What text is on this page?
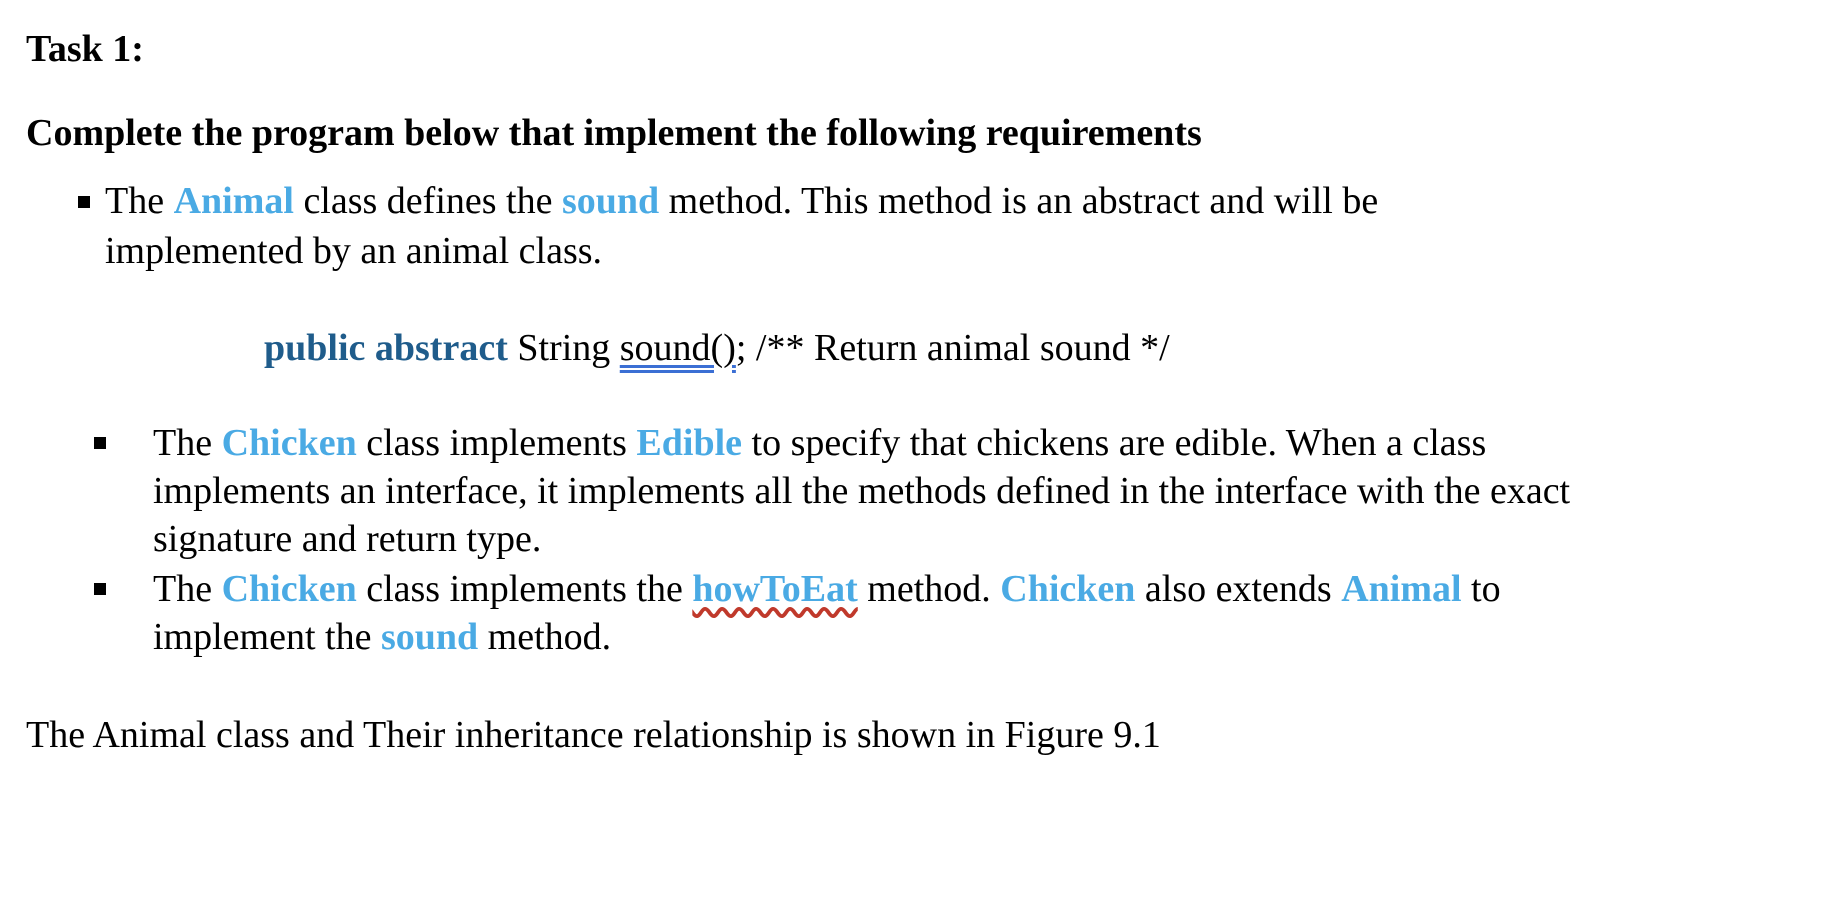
Task 1:
Complete the program below that implement the following requirements
The Animal class defines the sound method. This method is an abstract and will be
implemented by an animal class.
public abstract String sound(); /** Return animal sound */
The Chicken class implements Edible to specify that chickens are edible. When a class
implements an interface, it implements all the methods defined in the interface with the exact
signature and return type.
The Chicken class implements the howToEat method. Chicken also extends Animal to
implement the sound method.
The Animal class and Their inheritance relationship is shown in Figure 9.1
